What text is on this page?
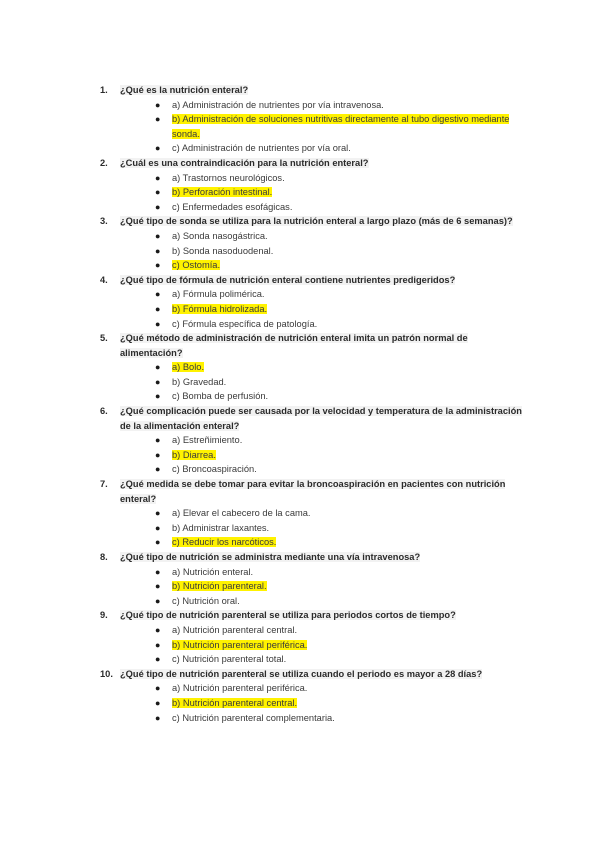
1.	¿Qué es la nutrición enteral?
● a) Administración de nutrientes por vía intravenosa.
● b) Administración de soluciones nutritivas directamente al tubo digestivo mediante sonda.
● c) Administración de nutrientes por vía oral.
2.	¿Cuál es una contraindicación para la nutrición enteral?
● a) Trastornos neurológicos.
● b) Perforación intestinal.
● c) Enfermedades esofágicas.
3.	¿Qué tipo de sonda se utiliza para la nutrición enteral a largo plazo (más de 6 semanas)?
● a) Sonda nasogástrica.
● b) Sonda nasoduodenal.
● c) Ostomía.
4.	¿Qué tipo de fórmula de nutrición enteral contiene nutrientes predigeridos?
● a) Fórmula polimérica.
● b) Fórmula hidrolizada.
● c) Fórmula específica de patología.
5.	¿Qué método de administración de nutrición enteral imita un patrón normal de alimentación?
● a) Bolo.
● b) Gravedad.
● c) Bomba de perfusión.
6.	¿Qué complicación puede ser causada por la velocidad y temperatura de la administración de la alimentación enteral?
● a) Estreñimiento.
● b) Diarrea.
● c) Broncoaspiración.
7.	¿Qué medida se debe tomar para evitar la broncoaspiración en pacientes con nutrición enteral?
● a) Elevar el cabecero de la cama.
● b) Administrar laxantes.
● c) Reducir los narcóticos.
8.	¿Qué tipo de nutrición se administra mediante una vía intravenosa?
● a) Nutrición enteral.
● b) Nutrición parenteral.
● c) Nutrición oral.
9.	¿Qué tipo de nutrición parenteral se utiliza para periodos cortos de tiempo?
● a) Nutrición parenteral central.
● b) Nutrición parenteral periférica.
● c) Nutrición parenteral total.
10. ¿Qué tipo de nutrición parenteral se utiliza cuando el periodo es mayor a 28 días?
● a) Nutrición parenteral periférica.
● b) Nutrición parenteral central.
● c) Nutrición parenteral complementaria.
